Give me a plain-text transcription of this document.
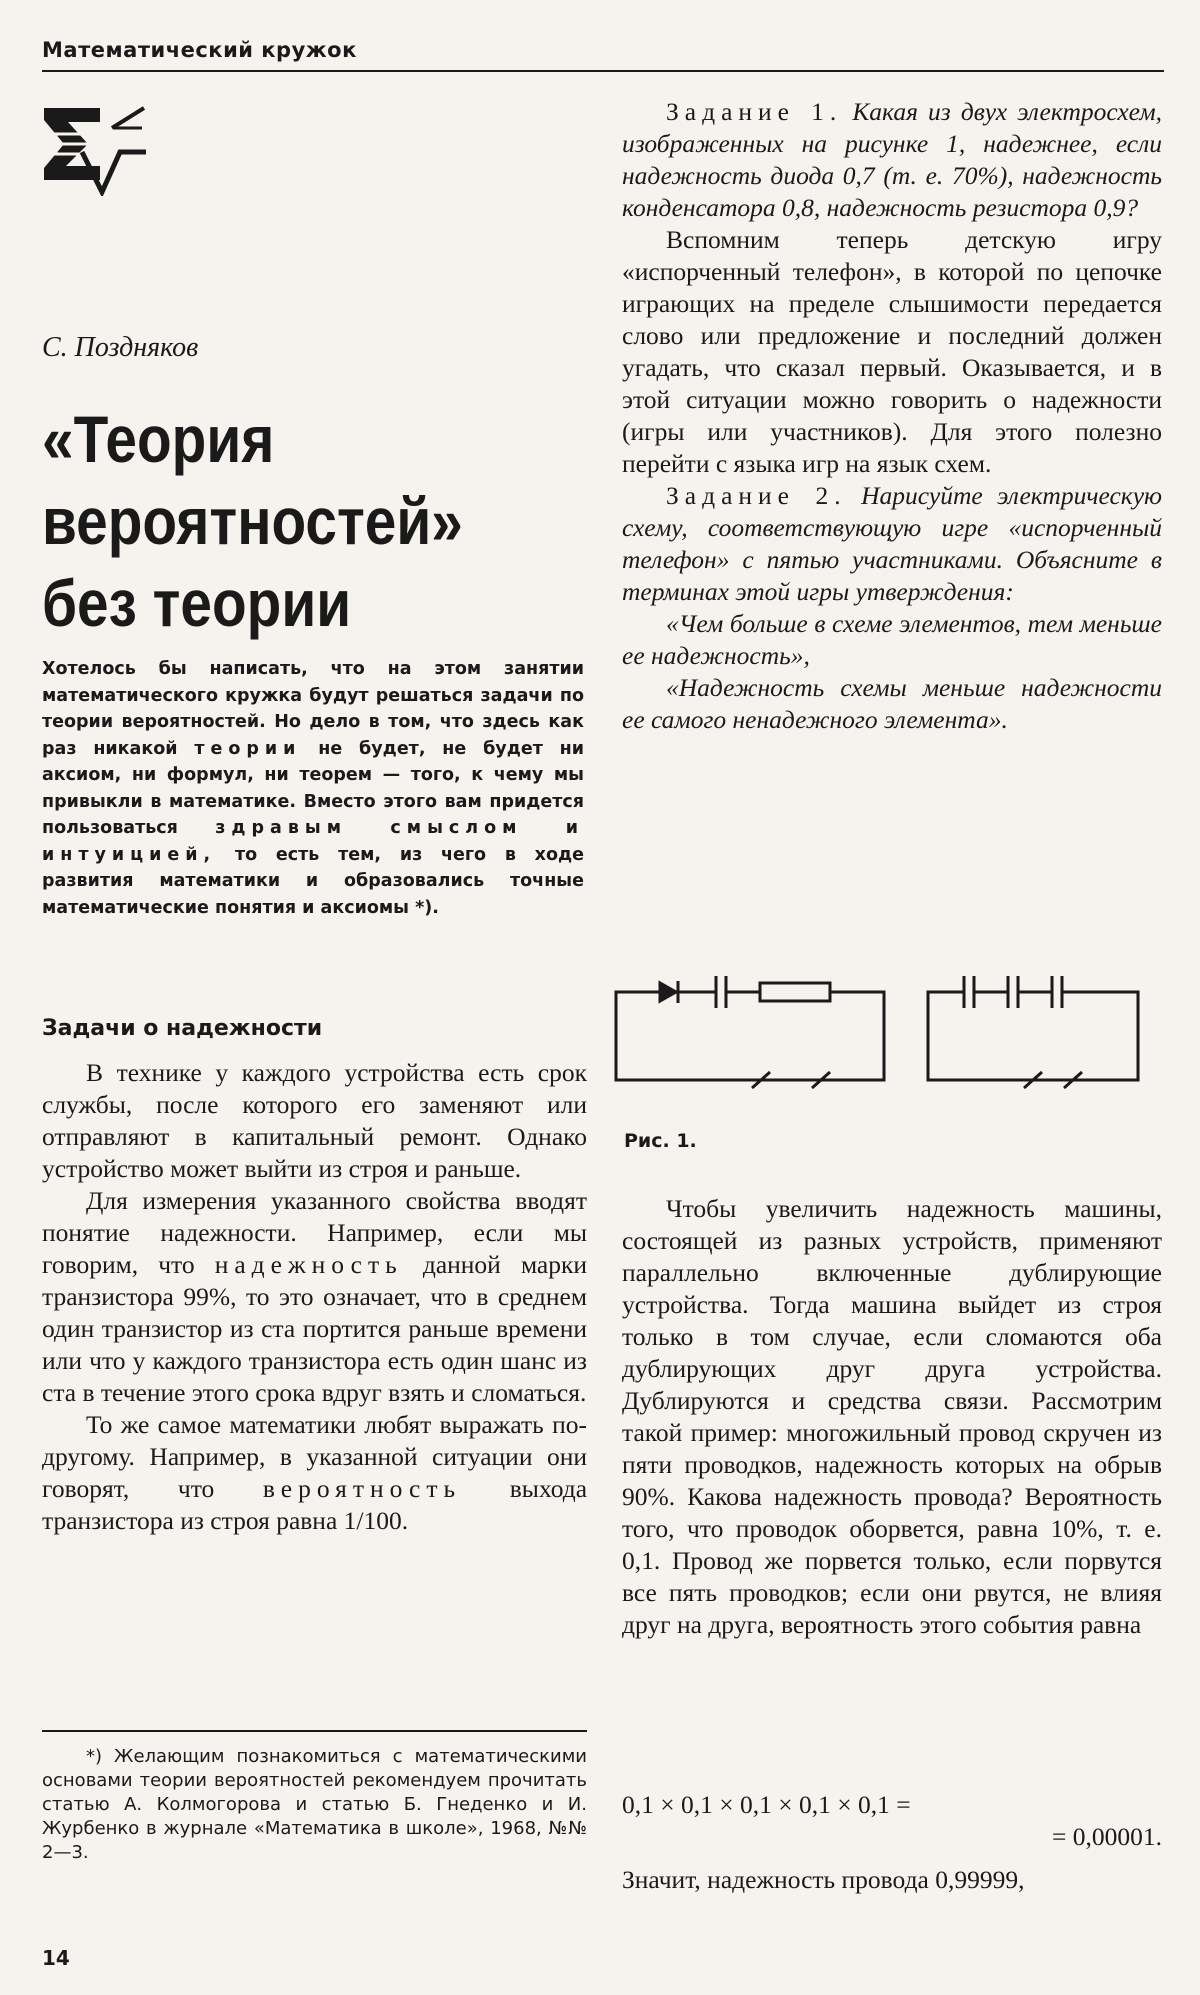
Математический кружок
С. Поздняков
«Теория
вероятностей»
без теории
Хотелось бы написать, что на этом занятии математического кружка будут решаться задачи по теории вероятностей. Но дело в том, что здесь как раз никакой теории не будет, не будет ни аксиом, ни формул, ни теорем — того, к чему мы привыкли в математике. Вместо этого вам придется пользоваться здравым смыслом и интуицией, то есть тем, из чего в ходе развития математики и образовались точные математические понятия и аксиомы *).
Задачи о надежности

В технике у каждого устройства есть срок службы, после которого его заменяют или отправляют в капитальный ремонт. Однако устройство может выйти из строя и раньше.

Для измерения указанного свойства вводят понятие надежности. Например, если мы говорим, что надежность данной марки транзистора 99%, то это означает, что в среднем один транзистор из ста портится раньше времени или что у каждого транзистора есть один шанс из ста в течение этого срока вдруг взять и сломаться.

То же самое математики любят выражать по-другому. Например, в указанной ситуации они говорят, что вероятность выхода транзистора из строя равна 1/100.

*) Желающим познакомиться с математическими основами теории вероятностей рекомендуем прочитать статью А. Колмогорова и статью Б. Гнеденко и И. Журбенко в журнале «Математика в школе», 1968, №№ 2—3.

Задание 1. Какая из двух электросхем, изображенных на рисунке 1, надежнее, если надежность диода 0,7 (т. е. 70%), надежность конденсатора 0,8, надежность резистора 0,9?

Вспомним теперь детскую игру «испорченный телефон», в которой по цепочке играющих на пределе слышимости передается слово или предложение и последний должен угадать, что сказал первый. Оказывается, и в этой ситуации можно говорить о надежности (игры или участников). Для этого полезно перейти с языка игр на язык схем.

Задание 2. Нарисуйте электрическую схему, соответствующую игре «испорченный телефон» с пятью участниками. Объясните в терминах этой игры утверждения:

«Чем больше в схеме элементов, тем меньше ее надежность»,

«Надежность схемы меньше надежности ее самого ненадежного элемента».

Рис. 1.

Чтобы увеличить надежность машины, состоящей из разных устройств, применяют параллельно включенные дублирующие устройства. Тогда машина выйдет из строя только в том случае, если сломаются оба дублирующих друг друга устройства. Дублируются и средства связи. Рассмотрим такой пример: многожильный провод скручен из пяти проводков, надежность которых на обрыв 90%. Какова надежность провода? Вероятность того, что проводок оборвется, равна 10%, т. е. 0,1. Провод же порвется только, если порвутся все пять проводков; если они рвутся, не влияя друг на друга, вероятность этого события равна

0,1 × 0,1 × 0,1 × 0,1 × 0,1 =
= 0,00001.
Значит, надежность провода 0,99999,
14
